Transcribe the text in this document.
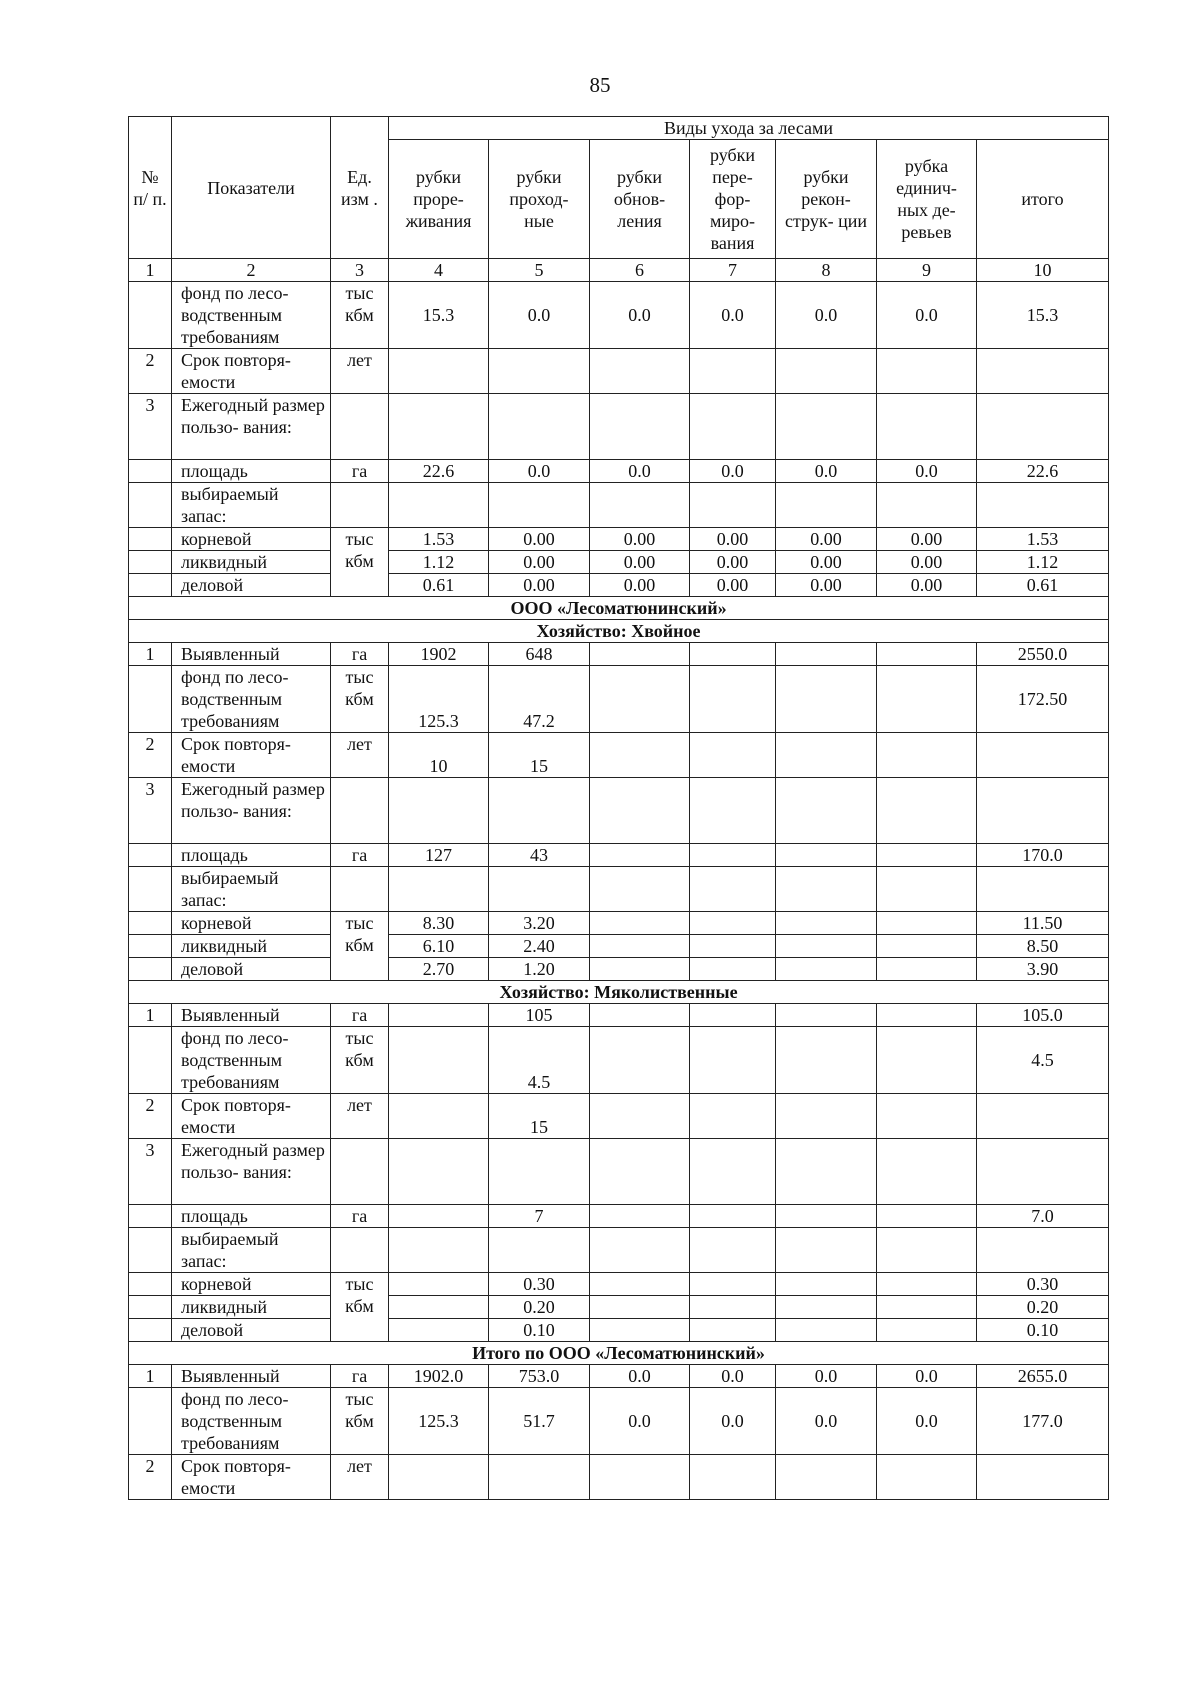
85
№ п/ п.	Показатели	Ед. изм .	Виды ухода за лесами						
			рубки проре- живания	рубки проход- ные	рубки обнов- ления	рубки пере- фор- миро- вания	рубки рекон- струк- ции	рубка единич- ных де- ревьев	итого
1	2	3	4	5	6	7	8	9	10
	фонд по лесо- водственным требованиям	тыс кбм	15.3	0.0	0.0	0.0	0.0	0.0	15.3
2	Срок повторя- емости	лет							
3	Ежегодный размер пользо- вания:								
	площадь	га	22.6	0.0	0.0	0.0	0.0	0.0	22.6
	выбираемый запас:								
	корневой	тыс кбм	1.53	0.00	0.00	0.00	0.00	0.00	1.53
	ликвидный		1.12	0.00	0.00	0.00	0.00	0.00	1.12
	деловой		0.61	0.00	0.00	0.00	0.00	0.00	0.61
ООО «Лесоматюнинский»									
Хозяйство: Хвойное									
1	Выявленный	га	1902	648					2550.0
	фонд по лесо- водственным требованиям	тыс кбм	125.3	47.2					172.50
2	Срок повторя- емости	лет	10	15					
3	Ежегодный размер пользо- вания:								
	площадь	га	127	43					170.0
	выбираемый запас:								
	корневой	тыс кбм	8.30	3.20					11.50
	ликвидный		6.10	2.40					8.50
	деловой		2.70	1.20					3.90
Хозяйство: Мяколиственные									
1	Выявленный	га		105					105.0
	фонд по лесо- водственным требованиям	тыс кбм		4.5					4.5
2	Срок повторя- емости	лет		15					
3	Ежегодный размер пользо- вания:								
	площадь	га		7					7.0
	выбираемый запас:								
	корневой	тыс кбм		0.30					0.30
	ликвидный			0.20					0.20
	деловой			0.10					0.10
Итого по ООО «Лесоматюнинский»									
1	Выявленный	га	1902.0	753.0	0.0	0.0	0.0	0.0	2655.0
	фонд по лесо- водственным требованиям	тыс кбм	125.3	51.7	0.0	0.0	0.0	0.0	177.0
2	Срок повторя- емости	лет							
